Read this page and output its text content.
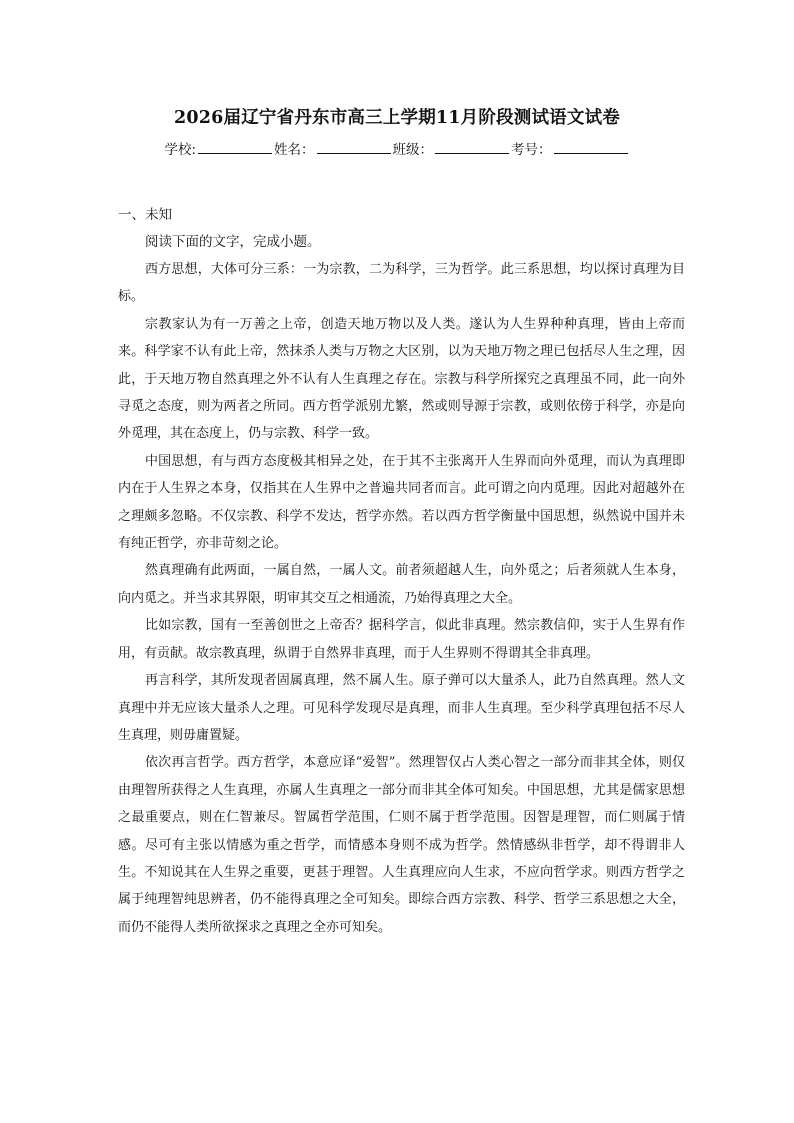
2026届辽宁省丹东市高三上学期11月阶段测试语文试卷
学校:	姓名：	班级：	考号：
一、未知
阅读下面的文字，完成小题。

西方思想，大体可分三系：一为宗教，二为科学，三为哲学。此三系思想，均以探讨真理为目标。

宗教家认为有一万善之上帝，创造天地万物以及人类。遂认为人生界种种真理，皆由上帝而来。科学家不认有此上帝，然抹杀人类与万物之大区别，以为天地万物之理已包括尽人生之理，因此，于天地万物自然真理之外不认有人生真理之存在。宗教与科学所探究之真理虽不同，此一向外寻觅之态度，则为两者之所同。西方哲学派别尤繁，然或则导源于宗教，或则依傍于科学，亦是向外觅理，其在态度上，仍与宗教、科学一致。

中国思想，有与西方态度极其相异之处，在于其不主张离开人生界而向外觅理，而认为真理即内在于人生界之本身，仅指其在人生界中之普遍共同者而言。此可谓之向内觅理。因此对超越外在之理颇多忽略。不仅宗教、科学不发达，哲学亦然。若以西方哲学衡量中国思想，纵然说中国并未有纯正哲学，亦非苛刻之论。

然真理确有此两面，一属自然，一属人文。前者须超越人生，向外觅之；后者须就人生本身，向内觅之。并当求其界限，明审其交互之相通流，乃始得真理之大全。

比如宗教，国有一至善创世之上帝否？据科学言，似此非真理。然宗教信仰，实于人生界有作用，有贡献。故宗教真理，纵谓于自然界非真理，而于人生界则不得谓其全非真理。

再言科学，其所发现者固属真理，然不属人生。原子弹可以大量杀人，此乃自然真理。然人文真理中并无应该大量杀人之理。可见科学发现尽是真理，而非人生真理。至少科学真理包括不尽人生真理，则毋庸置疑。

依次再言哲学。西方哲学，本意应译“爱智”。然理智仅占人类心智之一部分而非其全体，则仅由理智所获得之人生真理，亦属人生真理之一部分而非其全体可知矣。中国思想，尤其是儒家思想之最重要点，则在仁智兼尽。智属哲学范围，仁则不属于哲学范围。因智是理智，而仁则属于情感。尽可有主张以情感为重之哲学，而情感本身则不成为哲学。然情感纵非哲学，却不得谓非人生。不知说其在人生界之重要，更甚于理智。人生真理应向人生求，不应向哲学求。则西方哲学之属于纯理智纯思辨者，仍不能得真理之全可知矣。即综合西方宗教、科学、哲学三系思想之大全，而仍不能得人类所欲探求之真理之全亦可知矣。
